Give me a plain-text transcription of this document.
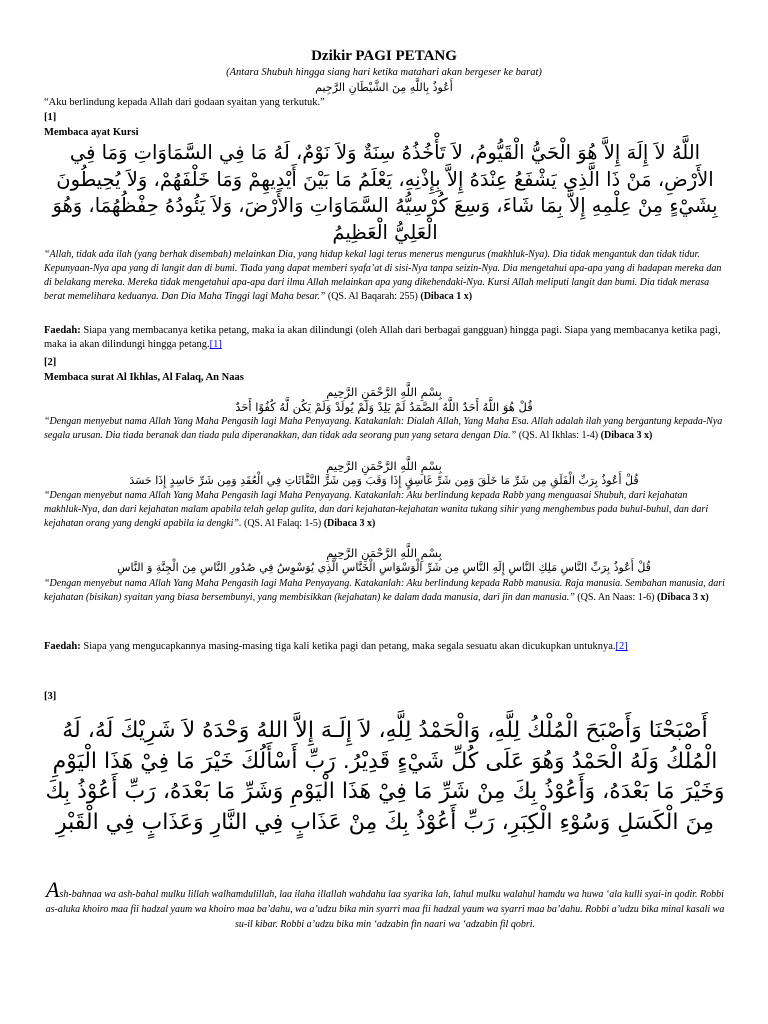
Dzikir PAGI PETANG
(Antara Shubuh hingga siang hari ketika matahari akan bergeser ke barat)
أَعُوذُ بِاللَّهِ مِنَ الشَّيْطَانِ الرَّجِيم
“Aku berlindung kepada Allah dari godaan syaitan yang terkutuk.”
[1]
Membaca ayat Kursi
اللَّهُ لاَ إِلَهَ إِلاَّ هُوَ الْحَيُّ الْقَيُّومُ، لاَ تَأْخُذُهُ سِنَةٌ وَلاَ نَوْمٌ، لَهُ مَا فِي السَّمَاوَاتِ وَمَا فِي الأَرْضِ، مَنْ ذَا الَّذِي يَشْفَعُ عِنْدَهُ إِلاَّ بِإِذْنِهِ، يَعْلَمُ مَا بَيْنَ أَيْدِيهِمْ وَمَا خَلْفَهُمْ، وَلاَ يُحِيطُونَ بِشَيْءٍ مِنْ عِلْمِهِ إِلاَّ بِمَا شَاءَ، وَسِعَ كُرْسِيُّهُ السَّمَاوَاتِ وَالأَرْضَ، وَلاَ يَئُودُهُ حِفْظُهُمَا، وَهُوَ الْعَلِيُّ الْعَظِيمُ
“Allah, tidak ada ilah (yang berhak disembah) melainkan Dia, yang hidup kekal lagi terus menerus mengurus (makhluk-Nya). Dia tidak mengantuk dan tidak tidur. Kepunyaan-Nya apa yang di langit dan di bumi. Tiada yang dapat memberi syafa’at di sisi-Nya tanpa seizin-Nya. Dia mengetahui apa-apa yang di hadapan mereka dan di belakang mereka. Mereka tidak mengetahui apa-apa dari ilmu Allah melainkan apa yang dikehendaki-Nya. Kursi Allah meliputi langit dan bumi. Dia tidak merasa berat memelihara keduanya. Dan Dia Maha Tinggi lagi Maha besar.” (QS. Al Baqarah: 255) (Dibaca 1 x)
Faedah: Siapa yang membacanya ketika petang, maka ia akan dilindungi (oleh Allah dari berbagai gangguan) hingga pagi. Siapa yang membacanya ketika pagi, maka ia akan dilindungi hingga petang.[1]
[2]
Membaca surat Al Ikhlas, Al Falaq, An Naas
بِسْمِ اللَّهِ الرَّحْمَنِ الرَّحِيمِ
قُلْ هُوَ اللَّهُ أَحَدٌ اللَّهُ الصَّمَدُ لَمْ يَلِدْ وَلَمْ يُولَدْ وَلَمْ يَكُن لَّهُ كُفُوًا أَحَدٌ
“Dengan menyebut nama Allah Yang Maha Pengasih lagi Maha Penyayang. Katakanlah: Dialah Allah, Yang Maha Esa. Allah adalah ilah yang bergantung kepada-Nya segala urusan. Dia tiada beranak dan tiada pula diperanakkan, dan tidak ada seorang pun yang setara dengan Dia.” (QS. Al Ikhlas: 1-4) (Dibaca 3 x)
بِسْمِ اللَّهِ الرَّحْمَنِ الرَّحِيمِ
قُلْ أَعُوذُ بِرَبِّ الْفَلَقِ مِن شَرِّ مَا خَلَقَ وَمِن شَرِّ غَاسِقٍ إِذَا وَقَبَ وَمِن شَرِّ النَّفَّاثَاتِ فِي الْعُقَدِ وَمِن شَرِّ حَاسِدٍ إِذَا حَسَدَ
“Dengan menyebut nama Allah Yang Maha Pengasih lagi Maha Penyayang. Katakanlah: Aku berlindung kepada Rabb yang menguasai Shubuh, dari kejahatan makhluk-Nya, dan dari kejahatan malam apabila telah gelap gulita, dan dari kejahatan-kejahatan wanita tukang sihir yang menghembus pada buhul-buhul, dan dari kejahatan orang yang dengki apabila ia dengki”. (QS. Al Falaq: 1-5) (Dibaca 3 x)
بِسْمِ اللَّهِ الرَّحْمَنِ الرَّحِيمِ
قُلْ أَعُوذُ بِرَبِّ النَّاسِ مَلِكِ النَّاسِ إِلَهِ النَّاسِ مِن شَرِّ الْوَسْوَاسِ الْخَنَّاسِ الَّذِي يُوَسْوِسُ فِي صُدُورِ النَّاسِ مِنَ الْجِنَّةِ وَ النَّاسِ
“Dengan menyebut nama Allah Yang Maha Pengasih lagi Maha Penyayang. Katakanlah: Aku berlindung kepada Rabb manusia. Raja manusia. Sembahan manusia, dari kejahatan (bisikan) syaitan yang biasa bersembunyi, yang membisikkan (kejahatan) ke dalam dada manusia, dari jin dan manusia.” (QS. An Naas: 1-6) (Dibaca 3 x)
Faedah: Siapa yang mengucapkannya masing-masing tiga kali ketika pagi dan petang, maka segala sesuatu akan dicukupkan untuknya.[2]
[3]
أَصْبَحْنَا وَأَصْبَحَ الْمُلْكُ لِلَّهِ، وَالْحَمْدُ لِلَّهِ، لاَ إِلَـهَ إِلاَّ اللهُ وَحْدَهُ لاَ شَرِيْكَ لَهُ، لَهُ الْمُلْكُ وَلَهُ الْحَمْدُ وَهُوَ عَلَى كُلِّ شَيْءٍ قَدِيْرُ. رَبِّ أَسْأَلُكَ خَيْرَ مَا فِيْ هَذَا الْيَوْمِ وَخَيْرَ مَا بَعْدَهُ، وَأَعُوْذُ بِكَ مِنْ شَرِّ مَا فِيْ هَذَا الْيَوْمِ وَشَرِّ مَا بَعْدَهُ، رَبِّ أَعُوْذُ بِكَ مِنَ الْكَسَلِ وَسُوْءِ الْكِبَرِ، رَبِّ أَعُوْذُ بِكَ مِنْ عَذَابٍ فِي النَّارِ وَعَذَابٍ فِي الْقَبْرِ
Ash-bahnaa wa ash-bahal mulku lillah walhamdulillah, laa ilaha illallah wahdahu laa syarika lah, lahul mulku walahul hamdu wa huwa ‘ala kulli syai-in qodir. Robbi as-aluka khoiro maa fii hadzal yaum wa khoiro maa ba’dahu, wa a’udzu bika min syarri maa fii hadzal yaum wa syarri maa ba’dahu. Robbi a’udzu bika minal kasali wa su-il kibar. Robbi a’udzu bika min ‘adzabin fin naari wa ‘adzabin fil qobri.
